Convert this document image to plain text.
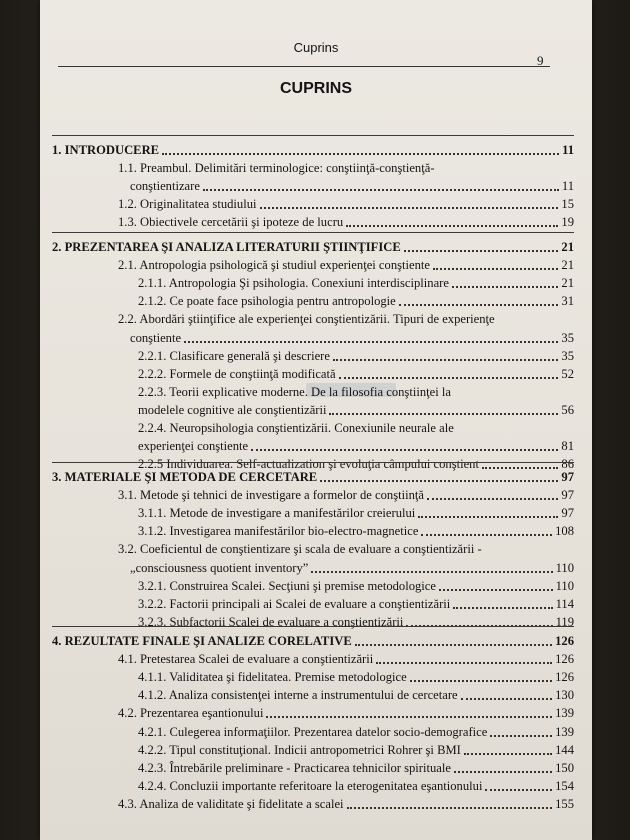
Cuprins
9
CUPRINS
1. INTRODUCERE	11
1.1. Preambul. Delimitări terminologice: conştiinţă-conştienţă-
conştientizare	11
1.2. Originalitatea studiului	15
1.3. Obiectivele cercetării şi ipoteze de lucru	19
2. PREZENTAREA ŞI ANALIZA LITERATURII ŞTIINŢIFICE	21
2.1. Antropologia psihologică şi studiul experienţei conştiente	21
2.1.1. Antropologia Şi psihologia. Conexiuni interdisciplinare	21
2.1.2. Ce poate face psihologia pentru antropologie	31
2.2. Abordări ştiinţifice ale experienţei conştientizării. Tipuri de experienţe
conştiente	35
2.2.1. Clasificare generală şi descriere	35
2.2.2. Formele de conştiinţă modificată	52
2.2.3. Teorii explicative moderne. De la filosofia conştiinţei la
modelele cognitive ale conştientizării	56
2.2.4. Neuropsihologia conştientizării. Conexiunile neurale ale
experienţei conştiente	81
2.2.5 Individuarea. Self-actualization şi evoluţia câmpului conştient	86
3. MATERIALE ŞI METODA DE CERCETARE	97
3.1. Metode şi tehnici de investigare a formelor de conştiinţă	97
3.1.1. Metode de investigare a manifestărilor creierului	97
3.1.2. Investigarea manifestărilor bio-electro-magnetice	108
3.2. Coeficientul de conştientizare şi scala de evaluare a conştientizării -
„consciousness quotient inventory”	110
3.2.1. Construirea Scalei. Secţiuni şi premise metodologice	110
3.2.2. Factorii principali ai Scalei de evaluare a conştientizării	114
3.2.3. Subfactorii Scalei de evaluare a conştientizării	119
4. REZULTATE FINALE ŞI ANALIZE CORELATIVE	126
4.1. Pretestarea Scalei de evaluare a conştientizării	126
4.1.1. Validitatea şi fidelitatea. Premise metodologice	126
4.1.2. Analiza consistenţei interne a instrumentului de cercetare	130
4.2. Prezentarea eşantionului	139
4.2.1. Culegerea informaţiilor. Prezentarea datelor socio-demografice	139
4.2.2. Tipul constituţional. Indicii antropometrici Rohrer şi BMI	144
4.2.3. Întrebările preliminare - Practicarea tehnicilor spirituale	150
4.2.4. Concluzii importante referitoare la eterogenitatea eşantionului	154
4.3. Analiza de validitate şi fidelitate a scalei	155
